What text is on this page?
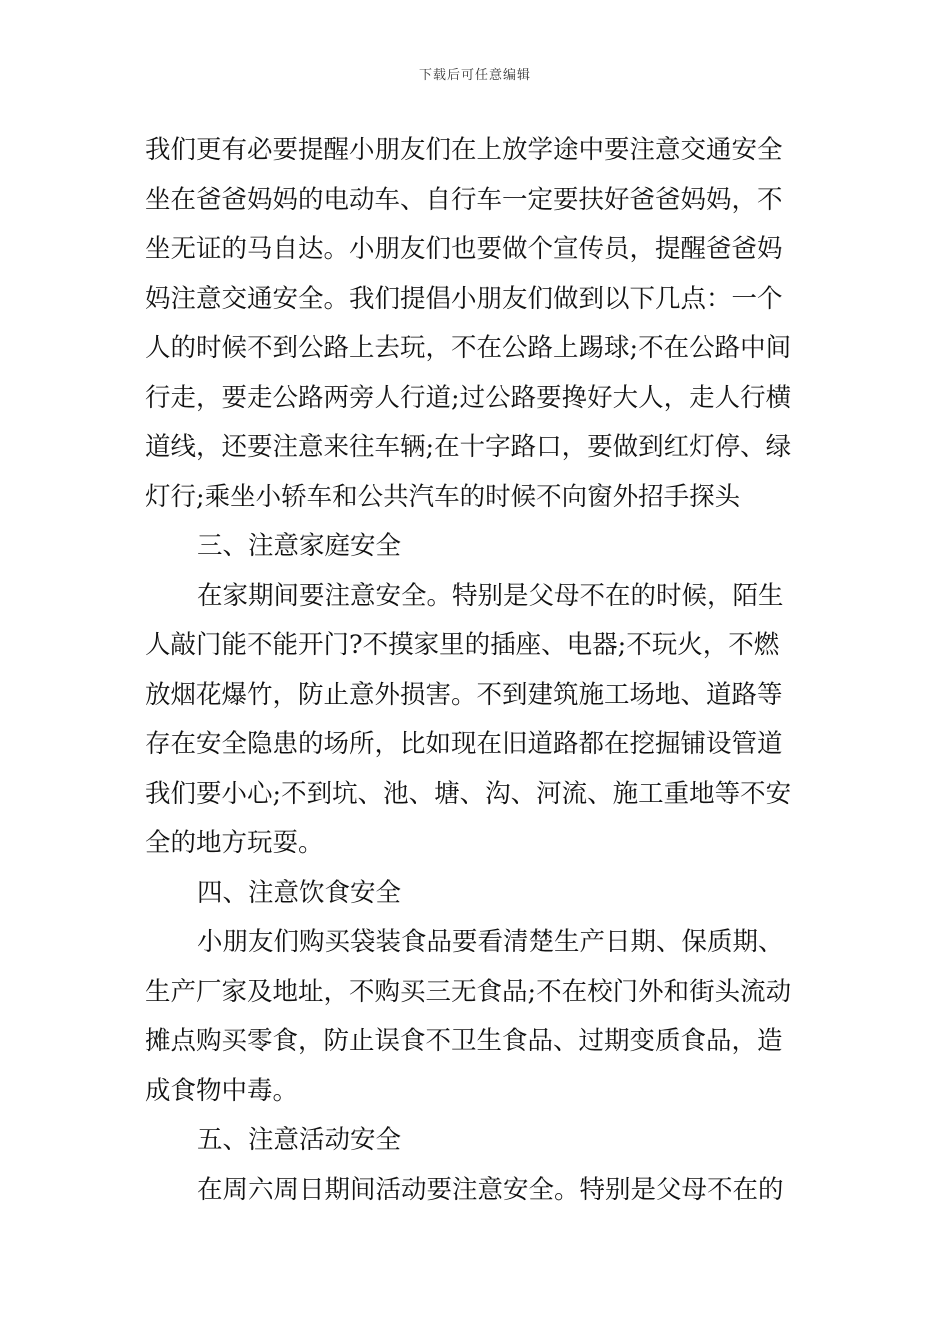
下载后可任意编辑
我们更有必要提醒小朋友们在上放学途中要注意交通安全
坐在爸爸妈妈的电动车、自行车一定要扶好爸爸妈妈，不
坐无证的马自达。小朋友们也要做个宣传员，提醒爸爸妈
妈注意交通安全。我们提倡小朋友们做到以下几点：一个
人的时候不到公路上去玩，不在公路上踢球;不在公路中间
行走，要走公路两旁人行道;过公路要搀好大人，走人行横
道线，还要注意来往车辆;在十字路口，要做到红灯停、绿
灯行;乘坐小轿车和公共汽车的时候不向窗外招手探头
三、注意家庭安全
在家期间要注意安全。特别是父母不在的时候，陌生
人敲门能不能开门?不摸家里的插座、电器;不玩火，不燃
放烟花爆竹，防止意外损害。不到建筑施工场地、道路等
存在安全隐患的场所，比如现在旧道路都在挖掘铺设管道
我们要小心;不到坑、池、塘、沟、河流、施工重地等不安
全的地方玩耍。
四、注意饮食安全
小朋友们购买袋装食品要看清楚生产日期、保质期、
生产厂家及地址，不购买三无食品;不在校门外和街头流动
摊点购买零食，防止误食不卫生食品、过期变质食品，造
成食物中毒。
五、注意活动安全
在周六周日期间活动要注意安全。特别是父母不在的
